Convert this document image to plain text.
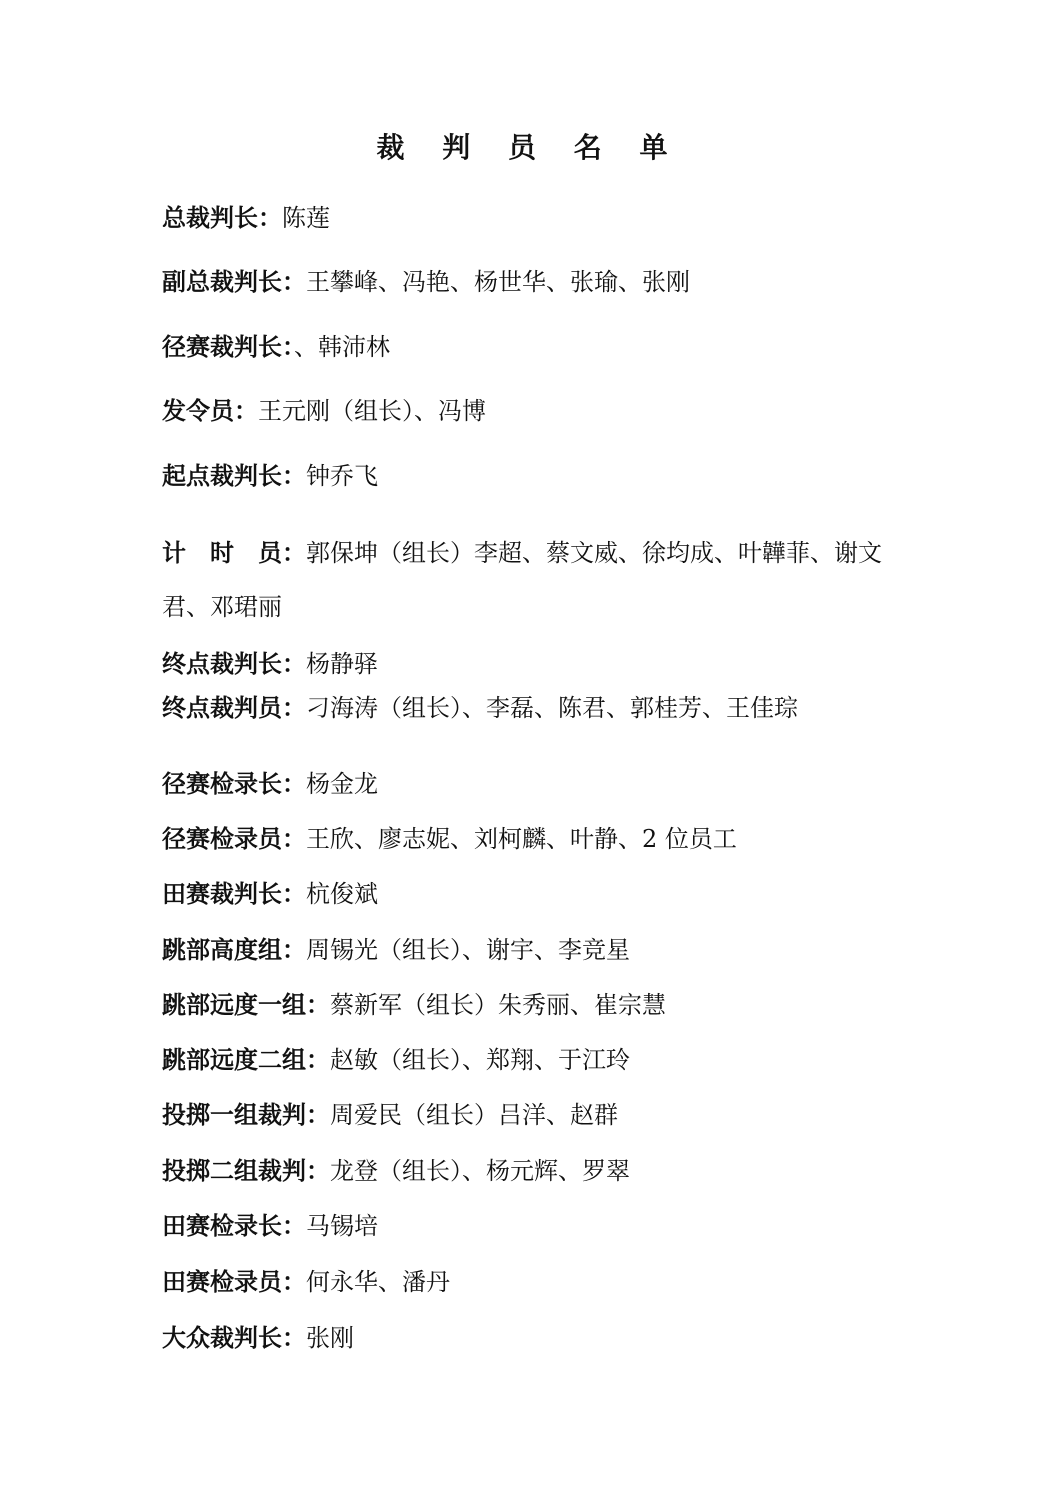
裁 判 员 名 单
总裁判长：陈莲
副总裁判长：王攀峰、冯艳、杨世华、张瑜、张刚
径赛裁判长：、韩沛林
发令员：王元刚（组长）、冯博
起点裁判长：钟乔飞
计　时　员：郭保坤（组长）李超、蔡文威、徐均成、叶韡菲、谢文君、邓珺丽
终点裁判长：杨静驿
终点裁判员：刁海涛（组长）、李磊、陈君、郭桂芳、王佳琮
径赛检录长：杨金龙
径赛检录员：王欣、廖志妮、刘柯麟、叶静、2 位员工
田赛裁判长：杭俊斌
跳部高度组：周锡光（组长）、谢宇、李竞星
跳部远度一组：蔡新军（组长）朱秀丽、崔宗慧
跳部远度二组：赵敏（组长）、郑翔、于江玲
投掷一组裁判：周爱民（组长）吕洋、赵群
投掷二组裁判：龙登（组长）、杨元辉、罗翠
田赛检录长：马锡培
田赛检录员：何永华、潘丹
大众裁判长：张刚
